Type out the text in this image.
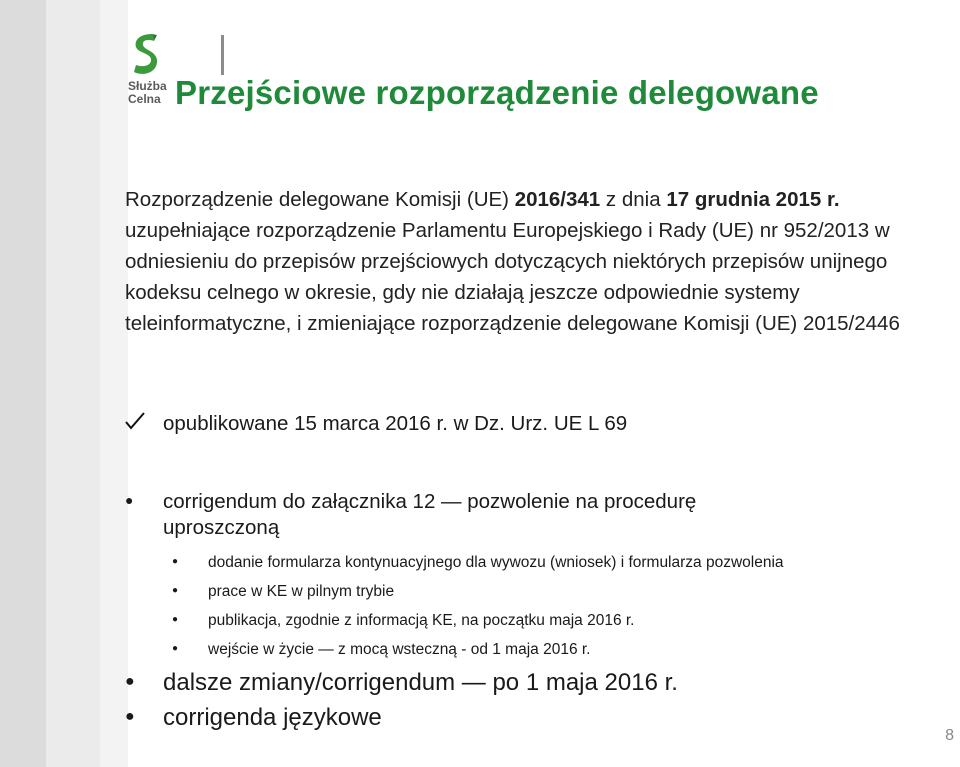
Służba
Celna Przejściowe rozporządzenie delegowane

Rozporządzenie delegowane Komisji (UE) 2016/341 z dnia 17 grudnia 2015 r. uzupełniające rozporządzenie Parlamentu Europejskiego i Rady (UE) nr 952/2013 w odniesieniu do przepisów przejściowych dotyczących niektórych przepisów unijnego kodeksu celnego w okresie, gdy nie działają jeszcze odpowiednie systemy teleinformatyczne, i zmieniające rozporządzenie delegowane Komisji (UE) 2015/2446

opublikowane 15 marca 2016 r. w Dz. Urz. UE L 69
● corrigendum do załącznika 12 — pozwolenie na procedurę
uproszczoną
● dodanie formularza kontynuacyjnego dla wywozu (wniosek) i formularza pozwolenia
● prace w KE w pilnym trybie
● publikacja, zgodnie z informacją KE, na początku maja 2016 r.
● wejście w życie — z mocą wsteczną - od 1 maja 2016 r.
● dalsze zmiany/corrigendum — po 1 maja 2016 r.
● corrigenda językowe
8
